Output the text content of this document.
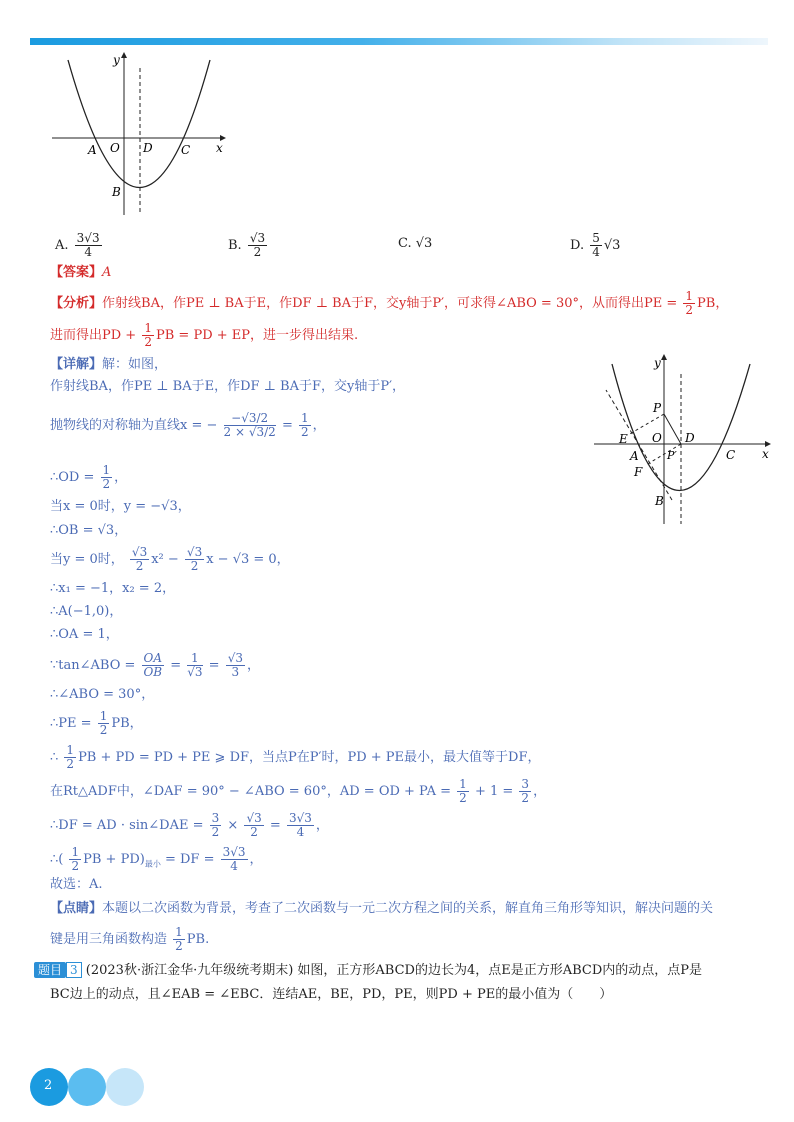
y
x
A O D C
B
A. $\frac{3√3}{4}$	B. $\frac{√3}{2}$	C. √3	D. $\frac{5}{4} √3$
【答案】A
【分析】作射线BA，作PE ⊥ BA于E，作DF ⊥ BA于F，交y轴于P′，可求得∠ABO = 30°，从而得出PE = $\frac{1}{2}$ PB，
进而得出PD + $\frac{1}{2}$ PB = PD + EP，进一步得出结果.
【详解】解：如图，
作射线BA，作PE ⊥ BA于E，作DF ⊥ BA于F，交y轴于P′，
抛物线的对称轴为直线x = − $\frac{-√3/2}{2 \times √3/2} = \frac{1}{2}$ ，
∴OD = $\frac{1}{2}$ ，
当x = 0时，y = −√3，
∴OB = √3，
当y = 0时， $\frac{√3}{2} x^2 - \frac{√3}{2}$ x − √3 = 0，
∴x₁ = −1，x₂ = 2，
∴A(−1,0)，
∴OA = 1，
∵tan∠ABO = $\frac{OA}{OB} = \frac{1}{√3} = \frac{√3}{3}$ ，
∴∠ABO = 30°，
∴PE = $\frac{1}{2}$ PB，
∴ $\frac{1}{2}$ PB + PD = PD + PE ⩾ DF，当点P在P′时，PD + PE最小，最大值等于DF，
在Rt△ADF中，∠DAF = 90° − ∠ABO = 60°，AD = OD + PA = $\frac{1}{2} + 1 = \frac{3}{2}$ ，
∴DF = AD · sin∠DAE = $\frac{3}{2} \times \frac{√3}{2} = \frac{3√3}{4}$ ，
∴( $\frac{1}{2}$ PB + $PD)_{最小}$ = DF = $\frac{3√3}{4}$ ，
故选：A.
【点睛】本题以二次函数为背景，考查了二次函数与一元二次方程之间的关系，解直角三角形等知识，解决问题的关
键是用三角函数构造 $\frac{1}{2}$ PB.
y
x
P
E O D
A	P′	C
F
B
题目 3 (2023秋·浙江金华·九年级统考期末) 如图，正方形ABCD的边长为4，点E是正方形ABCD内的动点，点P是
BC边上的动点，且∠EAB = ∠EBC．连结AE，BE，PD，PE，则PD + PE的最小值为（　　）
2
